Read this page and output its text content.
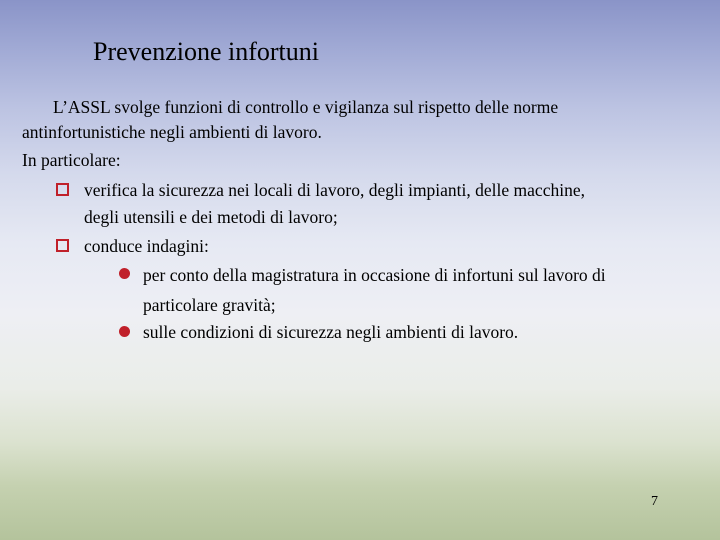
Prevenzione infortuni
L’ASSL svolge funzioni di controllo e vigilanza sul rispetto delle norme
antinfortunistiche negli ambienti di lavoro.
In particolare:
verifica la sicurezza nei locali di lavoro, degli impianti, delle macchine,
degli utensili e dei metodi di lavoro;
conduce indagini:
per conto della magistratura in occasione di infortuni sul lavoro di
particolare gravità;
sulle condizioni di sicurezza negli ambienti di lavoro.
7
